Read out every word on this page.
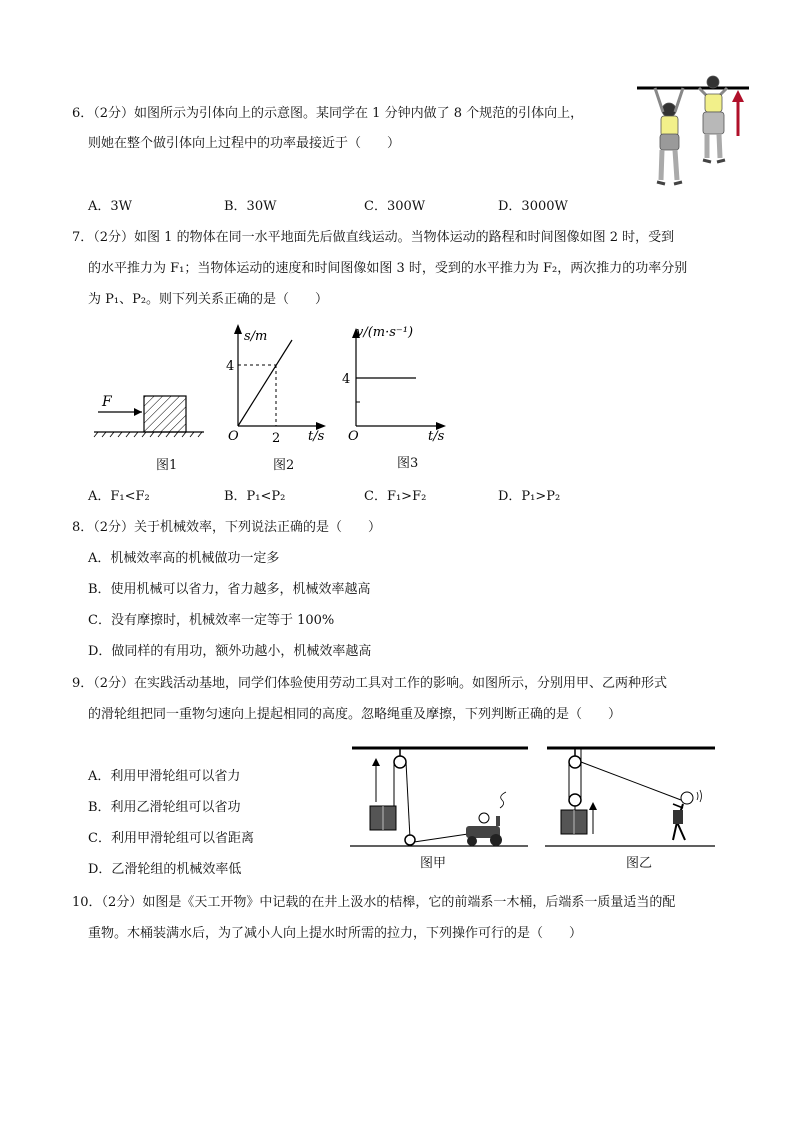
6．（2分）如图所示为引体向上的示意图。某同学在 1 分钟内做了 8 个规范的引体向上，
则她在整个做引体向上过程中的功率最接近于（　　）
A．3W	B．30W	C．300W	D．3000W
7．（2分）如图 1 的物体在同一水平地面先后做直线运动。当物体运动的路程和时间图像如图 2 时，受到
的水平推力为 F₁；当物体运动的速度和时间图像如图 3 时，受到的水平推力为 F₂，两次推力的功率分别
为 P₁、P₂。则下列关系正确的是（　　）
F
图1
s/m
4
O	2 t/s
图2
v/(m·s⁻¹)
4
O	t/s
图3
A．F₁<F₂	B．P₁<P₂	C．F₁>F₂	D．P₁>P₂
8．（2分）关于机械效率，下列说法正确的是（　　）
A．机械效率高的机械做功一定多
B．使用机械可以省力，省力越多，机械效率越高
C．没有摩擦时，机械效率一定等于 100%
D．做同样的有用功，额外功越小，机械效率越高
9．（2分）在实践活动基地，同学们体验使用劳动工具对工作的影响。如图所示，分别用甲、乙两种形式
的滑轮组把同一重物匀速向上提起相同的高度。忽略绳重及摩擦，下列判断正确的是（　　）
A．利用甲滑轮组可以省力
B．利用乙滑轮组可以省功
C．利用甲滑轮组可以省距离
D．乙滑轮组的机械效率低	图甲	图乙
10．（2分）如图是《天工开物》中记载的在井上汲水的桔槔，它的前端系一木桶，后端系一质量适当的配
重物。木桶装满水后，为了减小人向上提水时所需的拉力，下列操作可行的是（　　）
